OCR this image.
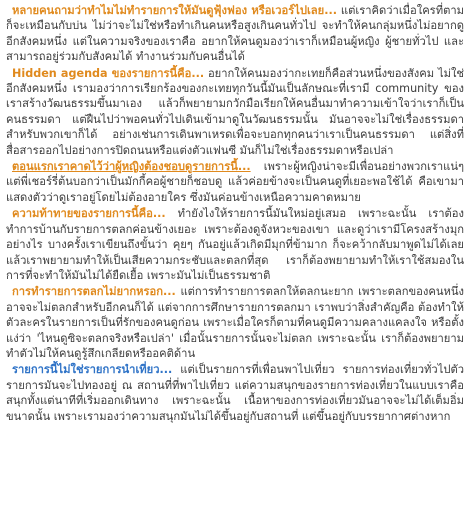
หลายคนถามว่าทำไมไม่ทำรายการให้มันดูฟุ้งฟอง หรือเวอร์ไปเลย... แต่เราคิดว่าเมื่อใครที่ตามก็จะเหมือนกับบ่น ไม่ว่าจะไม่ใช่หรือทำเกินคนหรือสูงเกินคนทั่วไป จะทำให้คนกลุ่มหนึ่งไม่อยากดูอีกสังคมหนึ่ง แต่ในความจริงของเราคือ อยากให้คนดูมองว่าเราก็เหมือนผู้หญิง ผู้ชายทั่วไป และสามารถอยู่ร่วมกับสังคมได้ ทำงานร่วมกับคนอื่นได้

Hidden agenda ของรายการนี้คือ... อยากให้คนมองว่ากะเทยก็คือส่วนหนึ่งของสังคม ไม่ใช่อีกสังคมหนึ่ง เรามองว่าการเรียกร้องของกะเทยทุกวันนี้มันเป็นลักษณะที่เรามี community ของเราสร้างวัฒนธรรมขึ้นมาเอง แล้วก็พยายามกวักมือเรียกให้คนอื่นมาทำความเข้าใจว่าเราก็เป็นคนธรรมดา แต่ฝืนไปว่าพอคนทั่วไปเดินเข้ามาดูในวัฒนธรรมนั้น มันอาจจะไม่ใช่เรื่องธรรมดาสำหรับพวกเขาก็ได้ อย่างเช่นการเดินพาเหรดเพื่อจะบอกทุกคนว่าเราเป็นคนธรรมดา แต่สิ่งที่สื่อสารออกไปอย่างการปิดถนนหรือแต่งตัวแฟนซี มันก็ไม่ใช่เรื่องธรรมดาหรือเปล่า

ตอนแรกเราคาดไว้ว่าผู้หญิงต้องชอบดูรายการนี้... เพราะผู้หญิงน่าจะมีเพื่อนอย่างพวกเราแน่ๆ แต่พี่เชอร์รี่ต้นบอกว่าเป็นมักกี้คอผู้ชายก็ชอบดู แล้วค่อยข้างจะเป็นคนดูที่เยอะพอใช้ได้ คือเขามาแสดงตัวว่าดูเราอยู่โดยไม่ต้องอายใคร ซึ่งมันค่อนข้างเหนือความคาดหมาย

ความท้าทายของรายการนี้คือ... ทำยังไงให้รายการนี้มันใหม่อยู่เสมอ เพราะฉะนั้น เราต้องทำการบ้านกับรายการตลกค่อนข้างเยอะ เพราะต้องดูจังหวะของเขา และดูว่าเรามีโครงสร้างมุกอย่างไร บางครั้งเราเขียนถึงขั้นว่า คุยๆ กันอยู่แล้วเกิดมีมุกที่ข้ามาก ก็จะคว้ากลับมาพูดไม่ได้เลยแล้วเราพยายามทำให้เป็นเสียความกระชับและตลกที่สุด เราก็ต้องพยายามทำให้เราใช้สมองในการที่จะทำให้มันไม่ได้ยืดเยื้อ เพราะมันไม่เป็นธรรมชาติ

การทำรายการตลกไม่ยากหรอก... แต่การทำรายการตลกให้ตลกนะยาก เพราะตลกของคนหนึ่งอาจจะไม่ตลกสำหรับอีกคนก็ได้ แต่จากการศึกษารายการตลกมา เราพบว่าสิ่งสำคัญคือ ต้องทำให้ตัวละครในรายการเป็นที่รักของคนดูก่อน เพราะเมื่อใครก็ตามที่คนดูมีความคลางแคลงใจ หรือตั้งแง่ว่า 'ไหนดูซิจะตลกจริงหรือเปล่า' เมื่อนั้นรายการนั้นจะไม่ตลก เพราะฉะนั้น เราก็ต้องพยายามทำตัวไม่ให้คนดูรู้สึกเกลียดหรืออคติด้าน

รายการนี้ไม่ใช่รายการนำเที่ยว... แต่เป็นรายการที่เพื่อนพาไปเที่ยว รายการท่องเที่ยวทั่วไปตัวรายการมันจะไปทองอยู่ ณ สถานที่ที่พาไปเที่ยว แต่ความสนุกของรายการท่องเที่ยวในแบบเราคือสนุกทั้งแต่นาทีที่เริ่มออกเดินทาง เพราะฉะนั้น เนื้อหาของการท่องเที่ยวมันอาจจะไม่ได้เต็มอิ่มขนาดนั้น เพราะเรามองว่าความสนุกมันไม่ได้ขึ้นอยู่กับสถานที่ แต่ขึ้นอยู่กับบรรยากาศต่างหาก
